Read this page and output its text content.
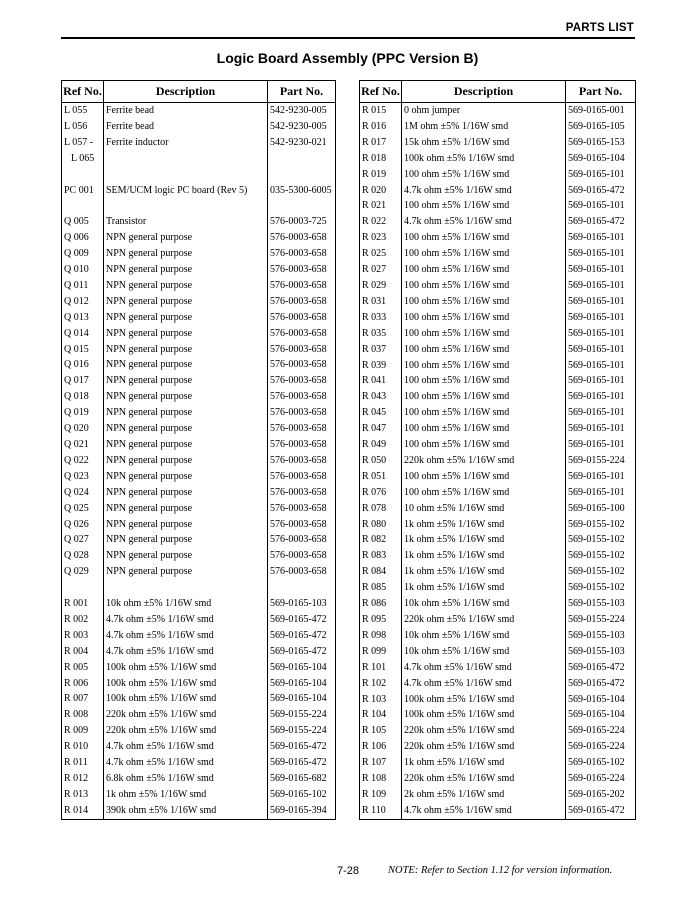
PARTS LIST
Logic Board Assembly (PPC Version B)
Ref No.	Description	Part No.
L 055	Ferrite bead	542-9230-005
L 056	Ferrite bead	542-9230-005
L 057 -
L 065	Ferrite inductor	542-9230-021

PC 001	SEM/UCM logic PC board (Rev 5)	035-5300-6005

Q 005	Transistor	576-0003-725
Q 006	NPN general purpose	576-0003-658
Q 009	NPN general purpose	576-0003-658
Q 010	NPN general purpose	576-0003-658
Q 011	NPN general purpose	576-0003-658
Q 012	NPN general purpose	576-0003-658
Q 013	NPN general purpose	576-0003-658
Q 014	NPN general purpose	576-0003-658
Q 015	NPN general purpose	576-0003-658
Q 016	NPN general purpose	576-0003-658
Q 017	NPN general purpose	576-0003-658
Q 018	NPN general purpose	576-0003-658
Q 019	NPN general purpose	576-0003-658
Q 020	NPN general purpose	576-0003-658
Q 021	NPN general purpose	576-0003-658
Q 022	NPN general purpose	576-0003-658
Q 023	NPN general purpose	576-0003-658
Q 024	NPN general purpose	576-0003-658
Q 025	NPN general purpose	576-0003-658
Q 026	NPN general purpose	576-0003-658
Q 027	NPN general purpose	576-0003-658
Q 028	NPN general purpose	576-0003-658
Q 029	NPN general purpose	576-0003-658

R 001	10k ohm ±5% 1/16W smd	569-0165-103
R 002	4.7k ohm ±5% 1/16W smd	569-0165-472
R 003	4.7k ohm ±5% 1/16W smd	569-0165-472
R 004	4.7k ohm ±5% 1/16W smd	569-0165-472
R 005	100k ohm ±5% 1/16W smd	569-0165-104
R 006	100k ohm ±5% 1/16W smd	569-0165-104
R 007	100k ohm ±5% 1/16W smd	569-0165-104
R 008	220k ohm ±5% 1/16W smd	569-0155-224
R 009	220k ohm ±5% 1/16W smd	569-0155-224
R 010	4.7k ohm ±5% 1/16W smd	569-0165-472
R 011	4.7k ohm ±5% 1/16W smd	569-0165-472
R 012	6.8k ohm ±5% 1/16W smd	569-0165-682
R 013	1k ohm ±5% 1/16W smd	569-0165-102
R 014	390k ohm ±5% 1/16W smd	569-0165-394

Ref No.	Description	Part No.
R 015	0 ohm jumper	569-0165-001
R 016	1M ohm ±5% 1/16W smd	569-0165-105
R 017	15k ohm ±5% 1/16W smd	569-0165-153
R 018	100k ohm ±5% 1/16W smd	569-0165-104
R 019	100 ohm ±5% 1/16W smd	569-0165-101
R 020	4.7k ohm ±5% 1/16W smd	569-0165-472
R 021	100 ohm ±5% 1/16W smd	569-0165-101
R 022	4.7k ohm ±5% 1/16W smd	569-0165-472
R 023	100 ohm ±5% 1/16W smd	569-0165-101
R 025	100 ohm ±5% 1/16W smd	569-0165-101
R 027	100 ohm ±5% 1/16W smd	569-0165-101
R 029	100 ohm ±5% 1/16W smd	569-0165-101
R 031	100 ohm ±5% 1/16W smd	569-0165-101
R 033	100 ohm ±5% 1/16W smd	569-0165-101
R 035	100 ohm ±5% 1/16W smd	569-0165-101
R 037	100 ohm ±5% 1/16W smd	569-0165-101
R 039	100 ohm ±5% 1/16W smd	569-0165-101
R 041	100 ohm ±5% 1/16W smd	569-0165-101
R 043	100 ohm ±5% 1/16W smd	569-0165-101
R 045	100 ohm ±5% 1/16W smd	569-0165-101
R 047	100 ohm ±5% 1/16W smd	569-0165-101
R 049	100 ohm ±5% 1/16W smd	569-0165-101
R 050	220k ohm ±5% 1/16W smd	569-0155-224
R 051	100 ohm ±5% 1/16W smd	569-0165-101
R 076	100 ohm ±5% 1/16W smd	569-0165-101
R 078	10 ohm ±5% 1/16W smd	569-0165-100
R 080	1k ohm ±5% 1/16W smd	569-0155-102
R 082	1k ohm ±5% 1/16W smd	569-0155-102
R 083	1k ohm ±5% 1/16W smd	569-0155-102
R 084	1k ohm ±5% 1/16W smd	569-0155-102
R 085	1k ohm ±5% 1/16W smd	569-0155-102
R 086	10k ohm ±5% 1/16W smd	569-0155-103
R 095	220k ohm ±5% 1/16W smd	569-0155-224
R 098	10k ohm ±5% 1/16W smd	569-0155-103
R 099	10k ohm ±5% 1/16W smd	569-0155-103
R 101	4.7k ohm ±5% 1/16W smd	569-0165-472
R 102	4.7k ohm ±5% 1/16W smd	569-0165-472
R 103	100k ohm ±5% 1/16W smd	569-0165-104
R 104	100k ohm ±5% 1/16W smd	569-0165-104
R 105	220k ohm ±5% 1/16W smd	569-0165-224
R 106	220k ohm ±5% 1/16W smd	569-0165-224
R 107	1k ohm ±5% 1/16W smd	569-0165-102
R 108	220k ohm ±5% 1/16W smd	569-0165-224
R 109	2k ohm ±5% 1/16W smd	569-0165-202
R 110	4.7k ohm ±5% 1/16W smd	569-0165-472

7-28	NOTE: Refer to Section 1.12 for version information.
